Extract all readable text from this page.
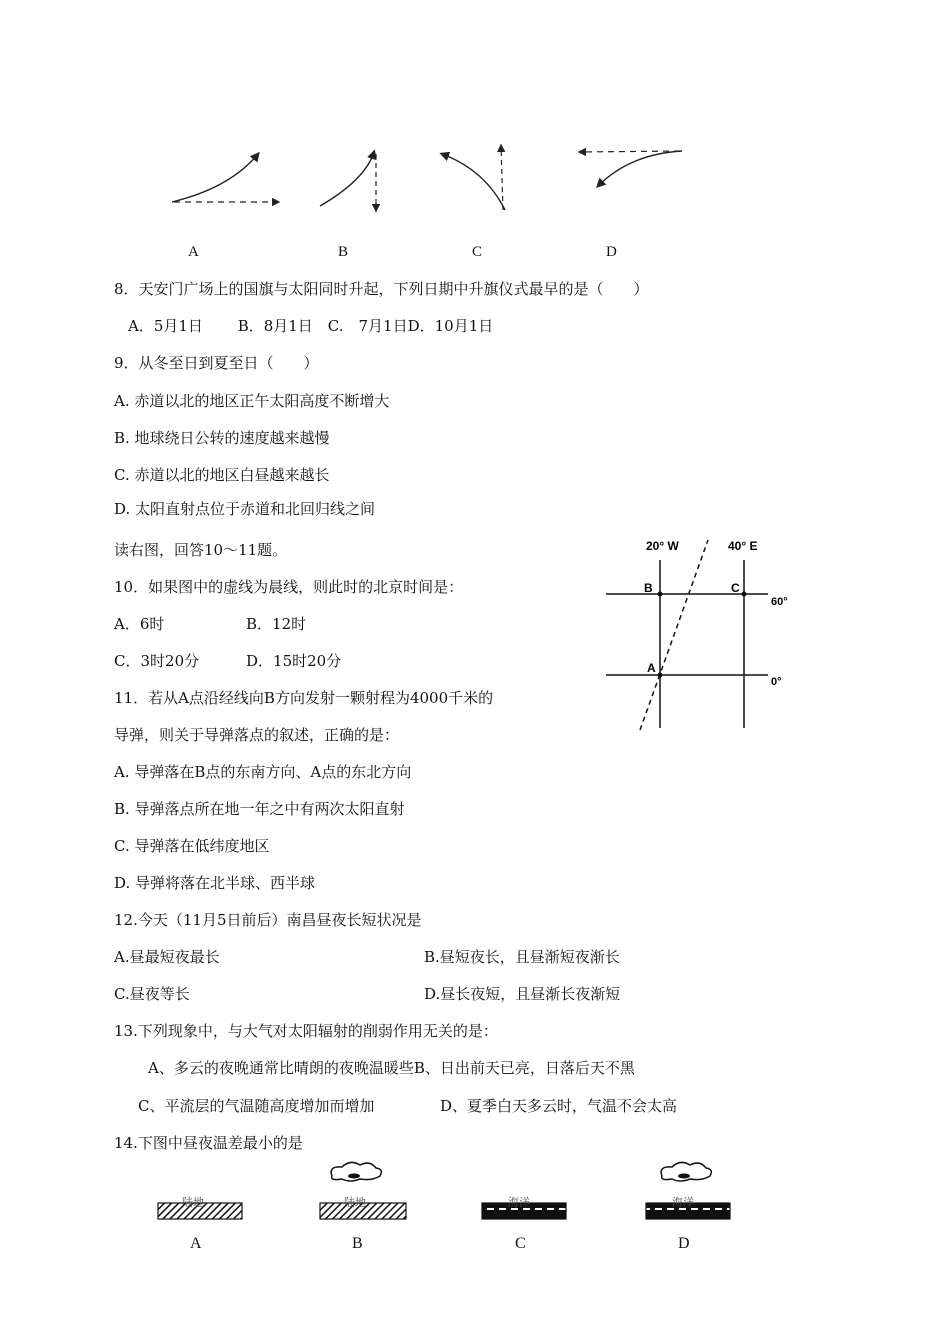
A	B	C	D
8．天安门广场上的国旗与太阳同时升起，下列日期中升旗仪式最早的是（　　）
A．5月1日　　 B．8月1日　C.　7月1日D．10月1日
9．从冬至日到夏至日（　　）
A. 赤道以北的地区正午太阳高度不断增大
B. 地球绕日公转的速度越来越慢
C. 赤道以北的地区白昼越来越长
D. 太阳直射点位于赤道和北回归线之间
读右图，回答10～11题。
10．如果图中的虚线为晨线，则此时的北京时间是：
A．6时	B．12时
C．3时20分	D．15时20分
11．若从A点沿经线向B方向发射一颗射程为4000千米的
导弹，则关于导弹落点的叙述，正确的是：
A. 导弹落在B点的东南方向、A点的东北方向
B. 导弹落点所在地一年之中有两次太阳直射
C. 导弹落在低纬度地区
D. 导弹将落在北半球、西半球
20° W	40° E
60°
0°
B	C
A
12.今天（11月5日前后）南昌昼夜长短状况是
A.昼最短夜最长	B.昼短夜长，且昼渐短夜渐长
C.昼夜等长	D.昼长夜短，且昼渐长夜渐短
13.下列现象中，与大气对太阳辐射的削弱作用无关的是：
A、多云的夜晚通常比晴朗的夜晚温暖些B、日出前天已亮，日落后天不黑
C、平流层的气温随高度增加而增加	D、夏季白天多云时，气温不会太高
14.下图中昼夜温差最小的是
陆地	陆地	海洋	海洋
A	B	C	D
